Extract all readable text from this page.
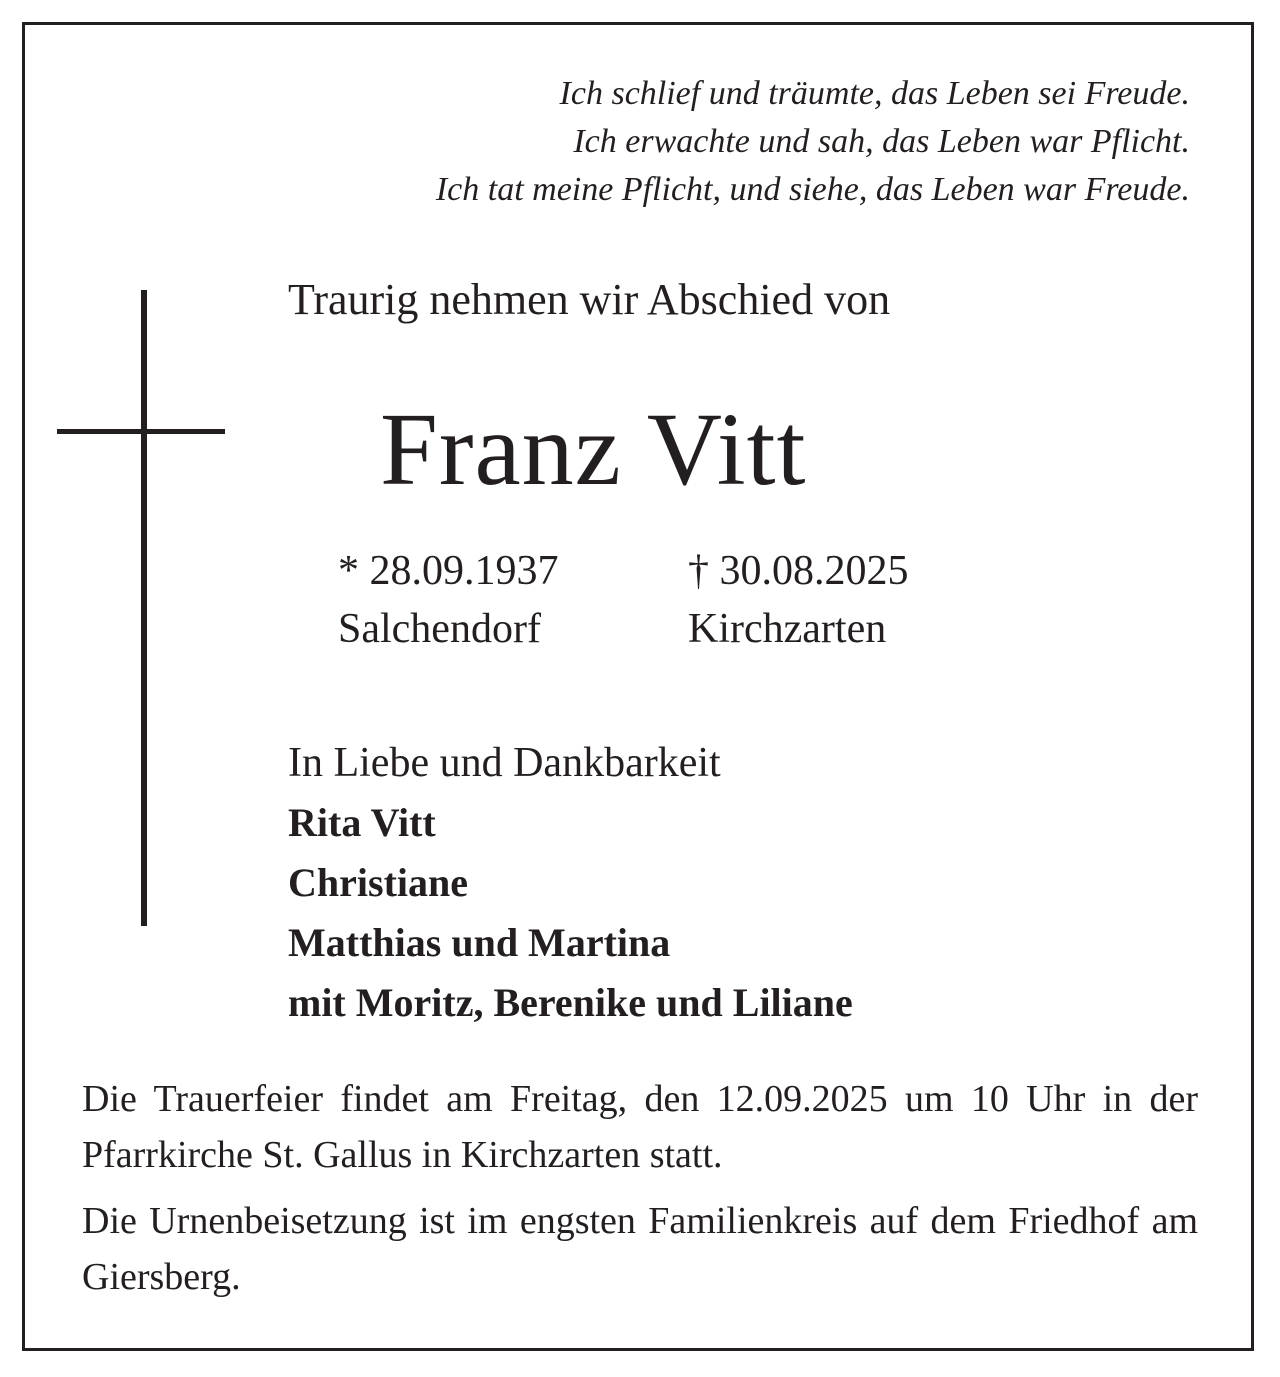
Ich schlief und träumte, das Leben sei Freude.
Ich erwachte und sah, das Leben war Pflicht.
Ich tat meine Pflicht, und siehe, das Leben war Freude.
Traurig nehmen wir Abschied von
Franz Vitt
* 28.09.1937
Salchendorf
† 30.08.2025
Kirchzarten
In Liebe und Dankbarkeit
Rita Vitt
Christiane
Matthias und Martina
mit Moritz, Berenike und Liliane
Die Trauerfeier findet am Freitag, den 12.09.2025 um 10 Uhr in der Pfarrkirche St. Gallus in Kirchzarten statt.
Die Urnenbeisetzung ist im engsten Familienkreis auf dem Friedhof am Giersberg.
